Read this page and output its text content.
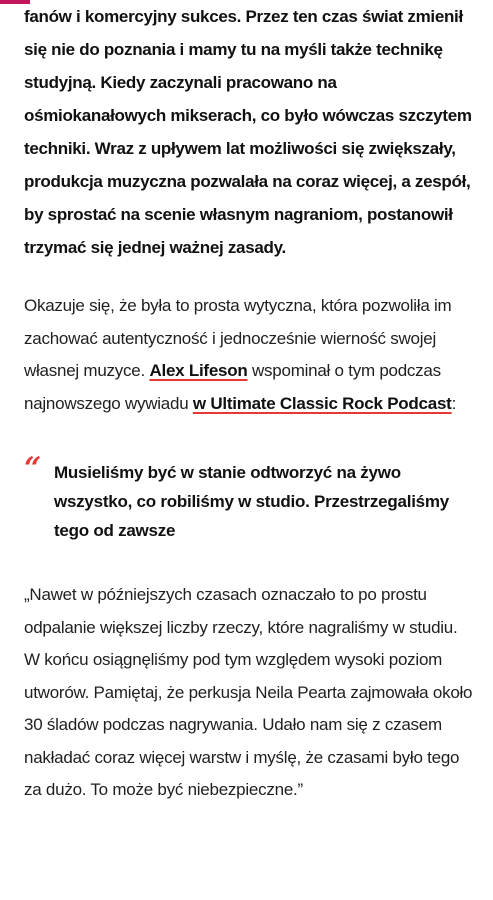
fanów i komercyjny sukces. Przez ten czas świat zmienił się nie do poznania i mamy tu na myśli także technikę studyjną. Kiedy zaczynali pracowano na ośmiokanałowych mikserach, co było wówczas szczytem techniki. Wraz z upływem lat możliwości się zwiększały, produkcja muzyczna pozwalała na coraz więcej, a zespół, by sprostać na scenie własnym nagraniom, postanowił trzymać się jednej ważnej zasady.

Okazuje się, że była to prosta wytyczna, która pozwoliła im zachować autentyczność i jednocześnie wierność swojej własnej muzyce. Alex Lifeson wspominał o tym podczas najnowszego wywiadu w Ultimate Classic Rock Podcast:

“ Musieliśmy być w stanie odtworzyć na żywo wszystko, co robiliśmy w studio. Przestrzegaliśmy tego od zawsze

„Nawet w późniejszych czasach oznaczało to po prostu odpalanie większej liczby rzeczy, które nagraliśmy w studiu. W końcu osiągnęliśmy pod tym względem wysoki poziom utworów. Pamiętaj, że perkusja Neila Pearta zajmowała około 30 śladów podczas nagrywania. Udało nam się z czasem nakładać coraz więcej warstw i myślę, że czasami było tego za dużo. To może być niebezpieczne.”
